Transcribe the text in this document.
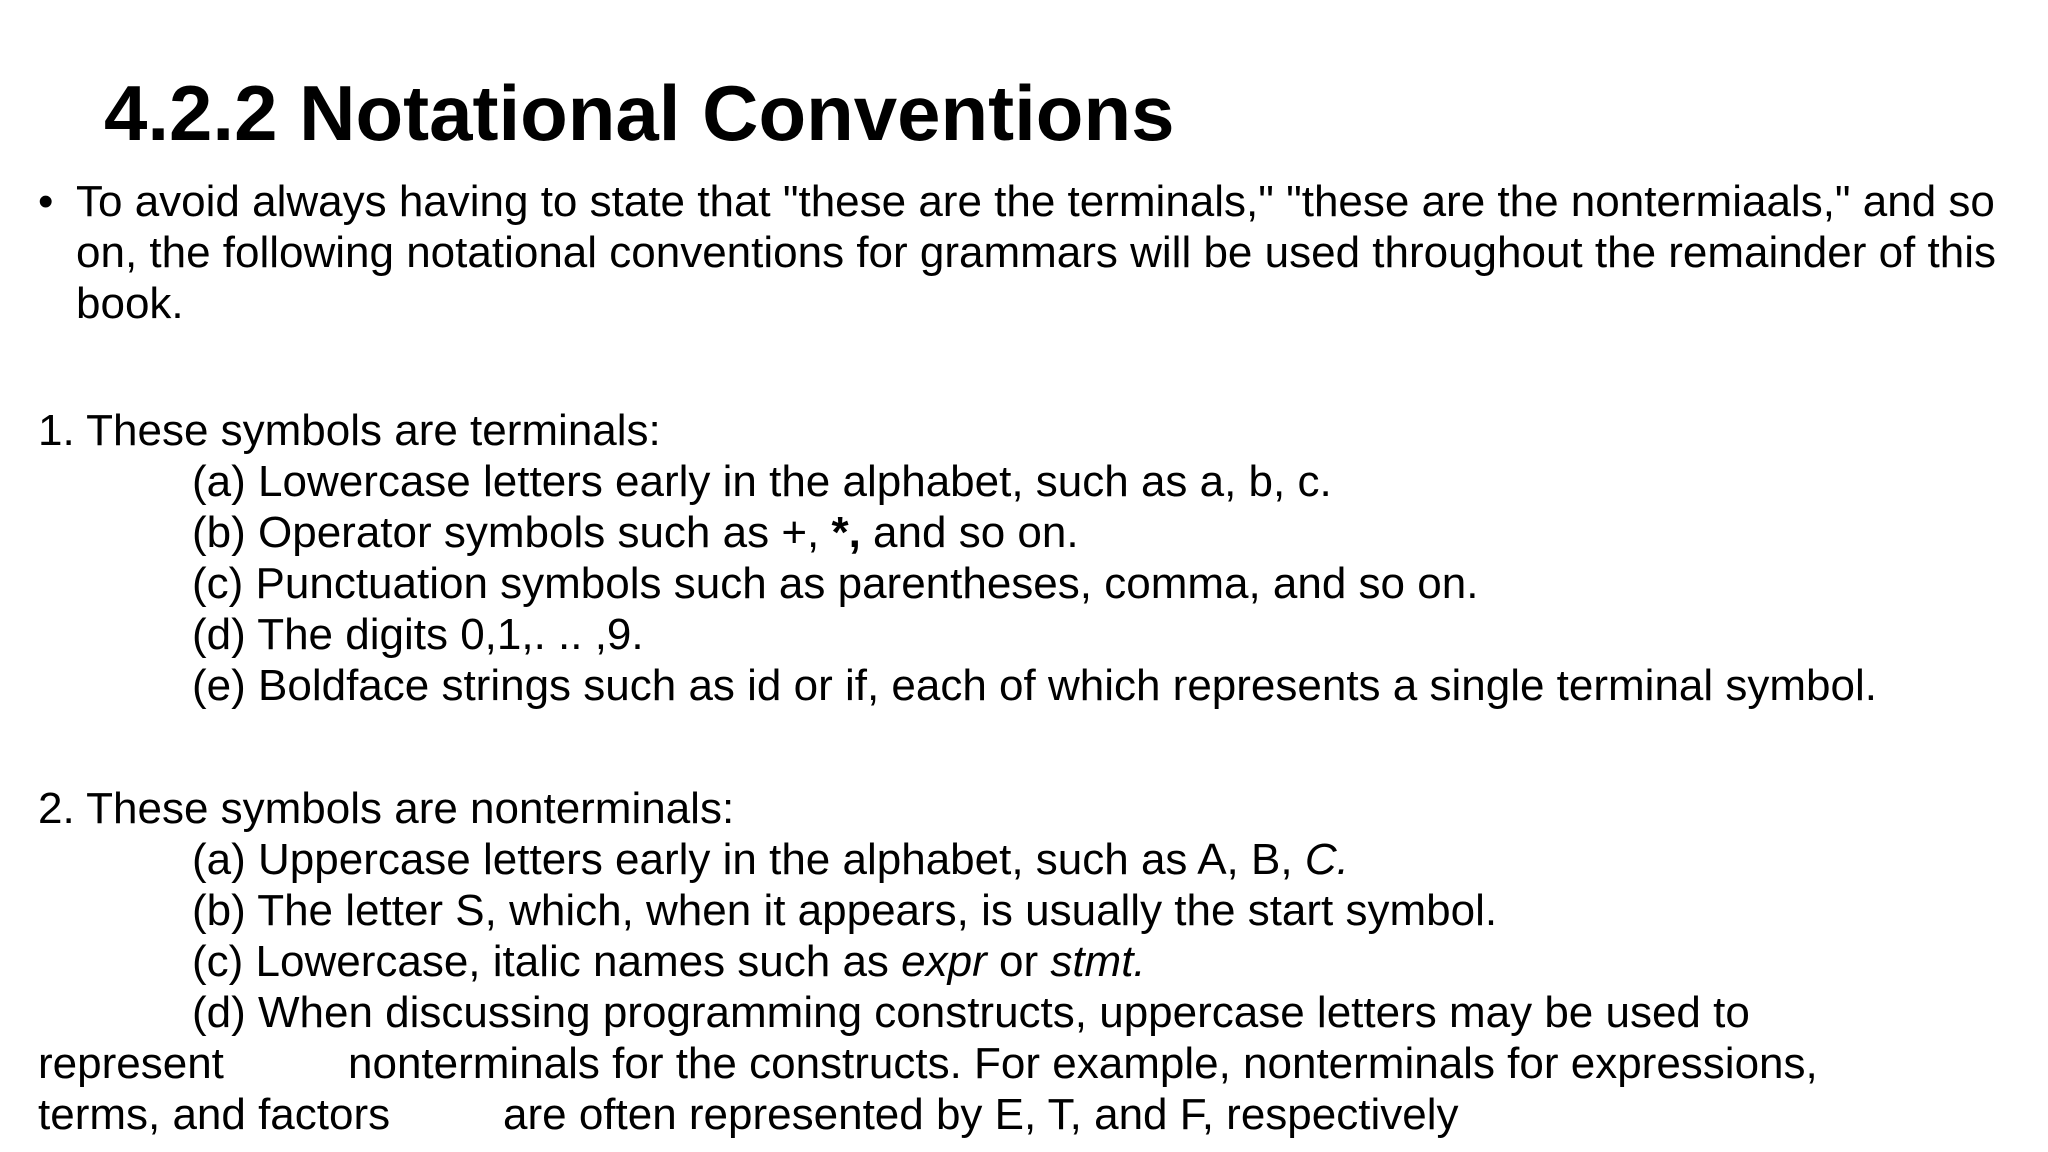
4.2.2 Notational Conventions
• To avoid always having to state that "these are the terminals," "these are the nontermiaals," and so on, the following notational conventions for grammars will be used throughout the remainder of this book.
1. These symbols are terminals:
(a) Lowercase letters early in the alphabet, such as a, b, c.
(b) Operator symbols such as +, *, and so on.
(c) Punctuation symbols such as parentheses, comma, and so on.
(d) The digits 0,1,. .. ,9.
(e) Boldface strings such as id or if, each of which represents a single terminal symbol.
2. These symbols are nonterminals:
(a) Uppercase letters early in the alphabet, such as A, B, C.
(b) The letter S, which, when it appears, is usually the start symbol.
(c) Lowercase, italic names such as expr or stmt.
(d) When discussing programming constructs, uppercase letters may be used to
represent	nonterminals for the constructs. For example, nonterminals for expressions,
terms, and factors	are often represented by E, T, and F, respectively
